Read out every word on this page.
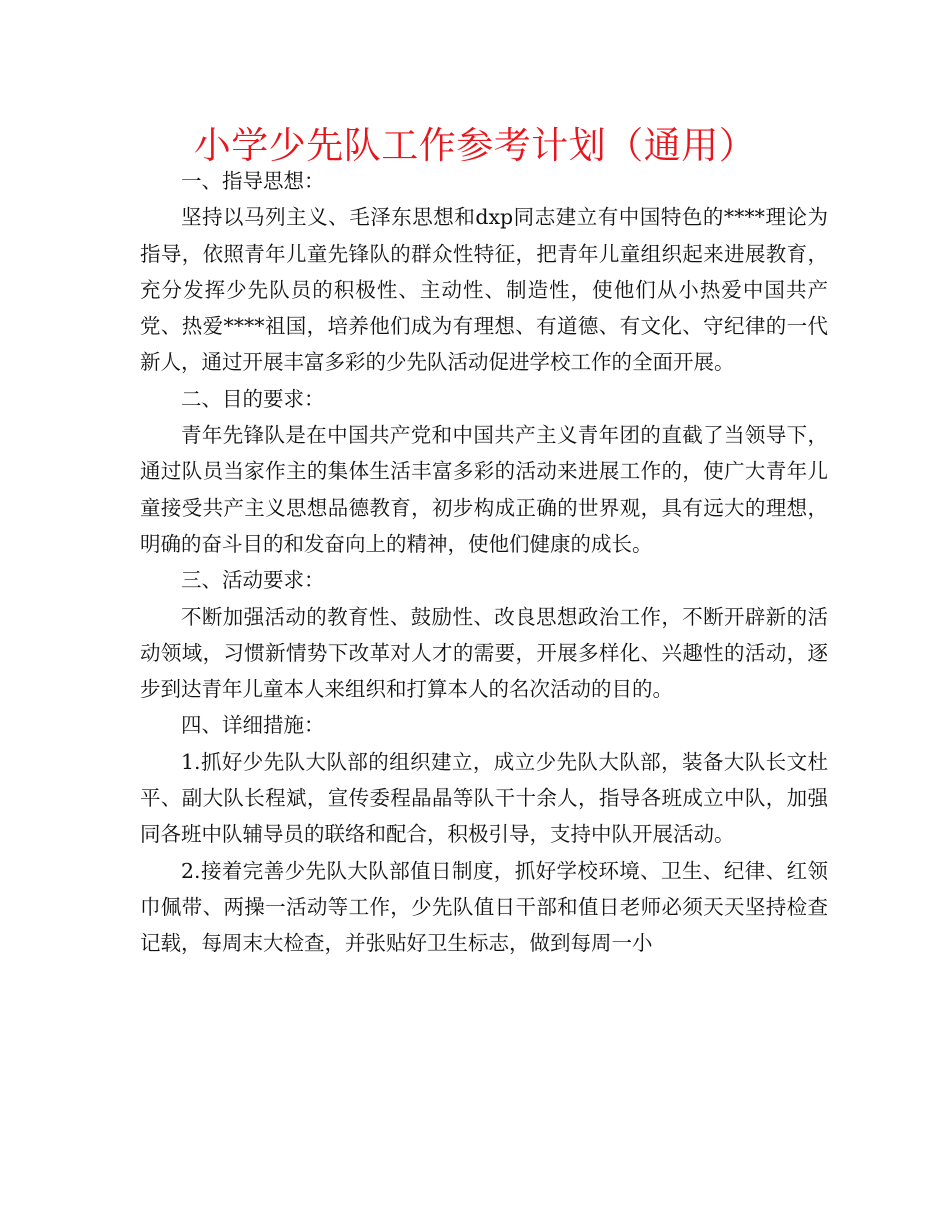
小学少先队工作参考计划（通用）

一、指导思想：

坚持以马列主义、毛泽东思想和dxp同志建立有中国特色的****理论为指导，依照青年儿童先锋队的群众性特征，把青年儿童组织起来进展教育，充分发挥少先队员的积极性、主动性、制造性，使他们从小热爱中国共产党、热爱****祖国，培养他们成为有理想、有道德、有文化、守纪律的一代新人，通过开展丰富多彩的少先队活动促进学校工作的全面开展。

二、目的要求：

青年先锋队是在中国共产党和中国共产主义青年团的直截了当领导下，通过队员当家作主的集体生活丰富多彩的活动来进展工作的，使广大青年儿童接受共产主义思想品德教育，初步构成正确的世界观，具有远大的理想，明确的奋斗目的和发奋向上的精神，使他们健康的成长。

三、活动要求：

不断加强活动的教育性、鼓励性、改良思想政治工作，不断开辟新的活动领域，习惯新情势下改革对人才的需要，开展多样化、兴趣性的活动，逐步到达青年儿童本人来组织和打算本人的名次活动的目的。

四、详细措施：

1.抓好少先队大队部的组织建立，成立少先队大队部，装备大队长文杜平、副大队长程斌，宣传委程晶晶等队干十余人，指导各班成立中队，加强同各班中队辅导员的联络和配合，积极引导，支持中队开展活动。

2.接着完善少先队大队部值日制度，抓好学校环境、卫生、纪律、红领巾佩带、两操一活动等工作，少先队值日干部和值日老师必须天天坚持检查记载，每周末大检查，并张贴好卫生标志，做到每周一小
